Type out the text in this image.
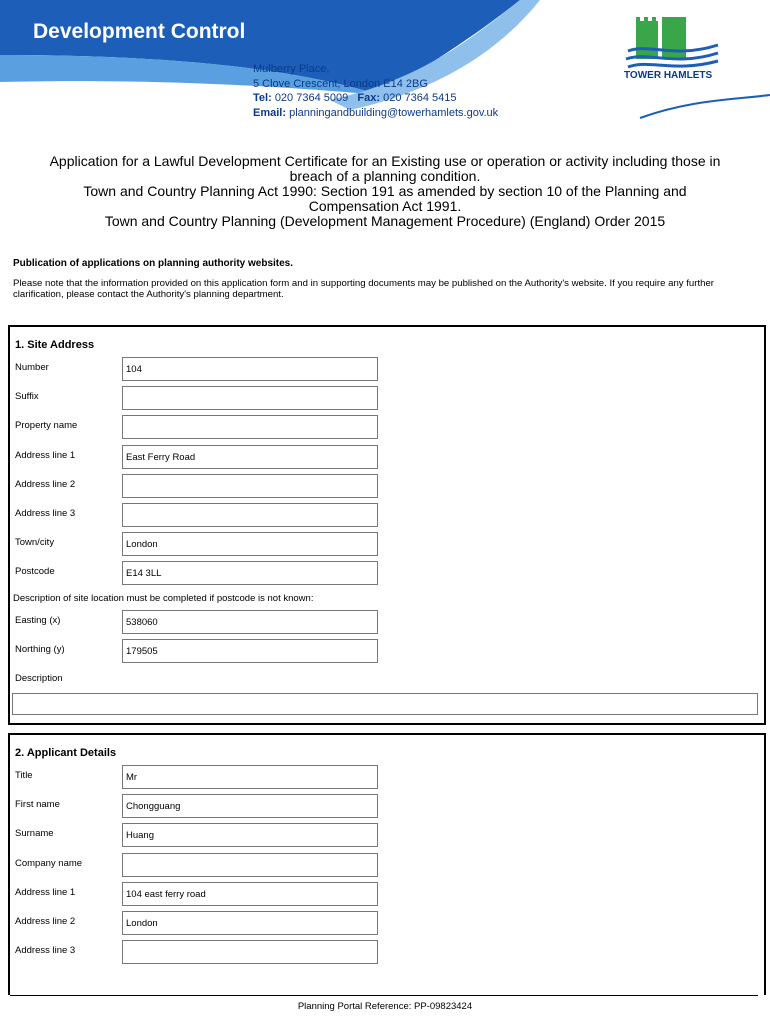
Development Control
Mulberry Place,
5 Clove Crescent, London E14 2BG
Tel: 020 7364 5009 Fax: 020 7364 5415
Email: planningandbuilding@towerhamlets.gov.uk
TOWER HAMLETS
Application for a Lawful Development Certificate for an Existing use or operation or activity including those in
breach of a planning condition.
Town and Country Planning Act 1990: Section 191 as amended by section 10 of the Planning and
Compensation Act 1991.
Town and Country Planning (Development Management Procedure) (England) Order 2015
Publication of applications on planning authority websites.
Please note that the information provided on this application form and in supporting documents may be published on the Authority's website. If you require any further clarification, please contact the Authority's planning department.
1. Site Address
Number	104
Suffix
Property name
Address line 1	East Ferry Road
Address line 2
Address line 3
Town/city	London
Postcode	E14 3LL
Description of site location must be completed if postcode is not known:
Easting (x)	538060
Northing (y)	179505
Description
2. Applicant Details
Title	Mr
First name	Chongguang
Surname	Huang
Company name
Address line 1	104 east ferry road
Address line 2	London
Address line 3
Planning Portal Reference: PP-09823424
